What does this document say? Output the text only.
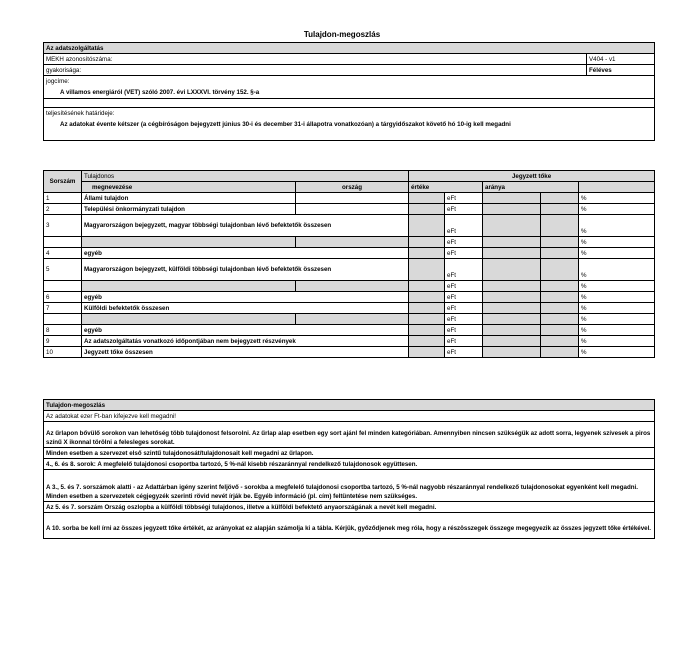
Tulajdon-megoszlás
Az adatszolgáltatás	
MEKH azonosítószáma:	V404 - v1
gyakorisága:	Féléves
jogcíme:	
A villamos energiáról (VET) szóló 2007. évi LXXXVI. törvény 152. §-a	

teljesítésének határideje:	
Az adatokat évente kétszer (a cégbíróságon bejegyzett június 30-i és december 31-i állapotra vonatkozóan) a tárgyidőszakot követő hó 10-ig kell megadni	
Sorszám	Tulajdonos		Jegyzett tőke				
	megnevezése	ország	értéke		aránya		
1	Állami tulajdon			eFt			%
2	Települési önkormányzati tulajdon			eFt			%
3	Magyarországon bejegyzett, magyar többségi tulajdonban lévő befektetők összesen			eFt			%
				eFt			%
4	egyéb			eFt			%
5	Magyarországon bejegyzett, külföldi többségi tulajdonban lévő befektetők összesen			eFt			%
				eFt			%
6	egyéb			eFt			%
7	Külföldi befektetők összesen			eFt			%
				eFt			%
8	egyéb			eFt			%
9	Az adatszolgáltatás vonatkozó időpontjában nem bejegyzett részvények			eFt			%
10	Jegyzett tőke összesen			eFt			%
Tulajdon-megoszlás
Az adatokat ezer Ft-ban kifejezve kell megadni!

Az űrlapon bővülő sorokon van lehetőség több tulajdonost felsorolni. Az űrlap alap esetben egy sort ajánl fel minden kategóriában. Amennyiben nincsen szükségük az adott sorra, legyenek szívesek a piros színű X ikonnal törölni a felesleges sorokat.
Minden esetben a szervezet első szintű tulajdonosát/tulajdonosait kell megadni az űrlapon.
4., 6. és 8. sorok: A megfelelő tulajdonosi csoportba tartozó, 5 %-nál kisebb részaránnyal rendelkező tulajdonosok együttesen.

A 3., 5. és 7. sorszámok alatti - az Adattárban igény szerint feljövő - sorokba a megfelelő tulajdonosi csoportba tartozó, 5 %-nál nagyobb részaránnyal rendelkező tulajdonosokat egyenként kell megadni. Minden esetben a szervezetek cégjegyzék szerinti rövid nevét írják be. Egyéb információ (pl. cím) feltüntetése nem szükséges.
Az 5. és 7. sorszám Ország oszlopba a külföldi többségi tulajdonos, illetve a külföldi befektető anyaországának a nevét kell megadni.

A 10. sorba be kell írni az összes jegyzett tőke értékét, az arányokat ez alapján számolja ki a tábla. Kérjük, győződjenek meg róla, hogy a részösszegek összege megegyezik az összes jegyzett tőke értékével.
